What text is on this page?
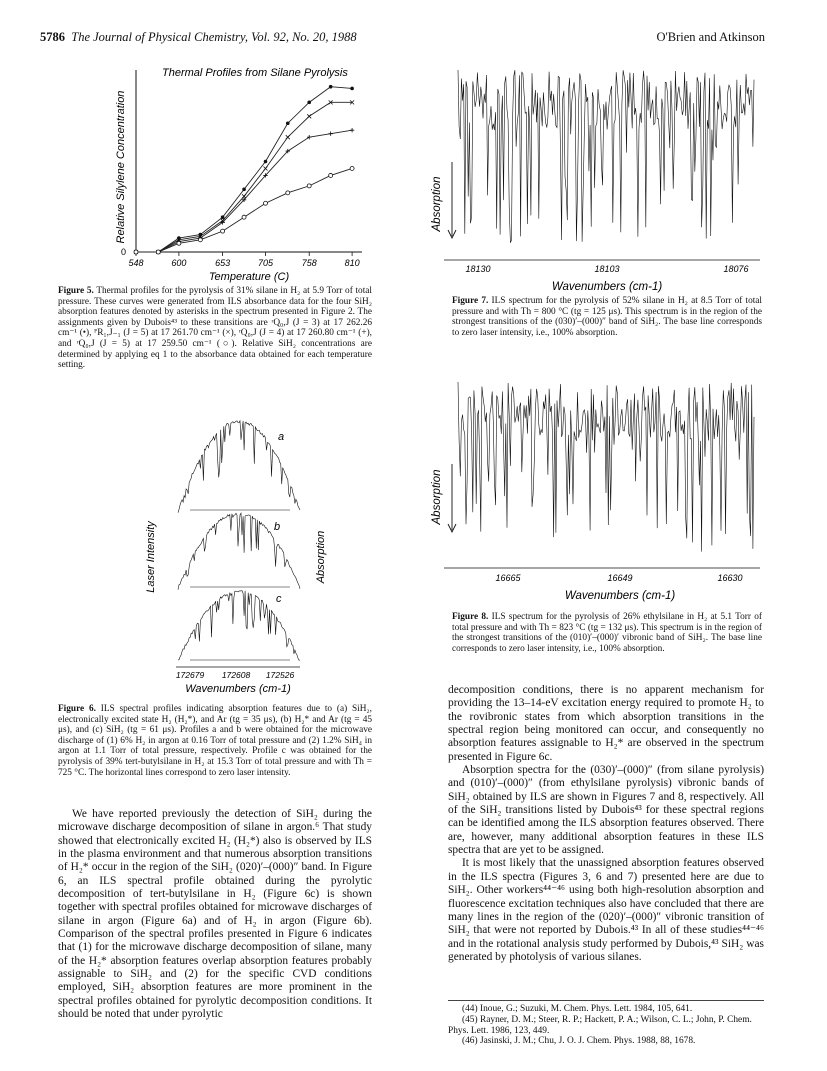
5786 The Journal of Physical Chemistry, Vol. 92, No. 20, 1988	O'Brien and Atkinson
Thermal Profiles from Silane Pyrolysis
Relative Silylene Concentration
0
548	600	653	705	758	810
Temperature (C)
Figure 5. Thermal profiles for the pyrolysis of 31% silane in H₂ at 5.9 Torr of total pressure. These curves were generated from ILS absorbance data for the four SiH₂ absorption features denoted by asterisks in the spectrum presented in Figure 2. The assignments given by Dubois⁴³ to these transitions are ʳQ₀,J (J = 3) at 17 262.26 cm⁻¹ (•), ᴾR₁,J₋₁ (J = 5) at 17 261.70 cm⁻¹ (×), ʳQ₀,J (J = 4) at 17 260.80 cm⁻¹ (+), and ʳQ₀,J (J = 5) at 17 259.50 cm⁻¹ (○). Relative SiH₂ concentrations are determined by applying eq 1 to the absorbance data obtained for each temperature setting.
Laser Intensity	Absorption
a
b
c
172679 172608 172526
Wavenumbers (cm-1)
Figure 6. ILS spectral profiles indicating absorption features due to (a) SiH₂, electronically excited state H₂ (H₂*), and Ar (tg = 35 μs), (b) H₂* and Ar (tg = 45 μs), and (c) SiH₂ (tg = 61 μs). Profiles a and b were obtained for the microwave discharge of (1) 6% H₂ in argon at 0.16 Torr of total pressure and (2) 1.2% SiH₄ in argon at 1.1 Torr of total pressure, respectively. Profile c was obtained for the pyrolysis of 39% tert-butylsilane in H₂ at 15.3 Torr of total pressure and with Th = 725 °C. The horizontal lines correspond to zero laser intensity.

We have reported previously the detection of SiH₂ during the microwave discharge decomposition of silane in argon.⁶ That study showed that electronically excited H₂ (H₂*) also is observed by ILS in the plasma environment and that numerous absorption transitions of H₂* occur in the region of the SiH₂ (020)′–(000)″ band. In Figure 6, an ILS spectral profile obtained during the pyrolytic decomposition of tert-butylsilane in H₂ (Figure 6c) is shown together with spectral profiles obtained for microwave discharges of silane in argon (Figure 6a) and of H₂ in argon (Figure 6b). Comparison of the spectral profiles presented in Figure 6 indicates that (1) for the microwave discharge decomposition of silane, many of the H₂* absorption features overlap absorption features probably assignable to SiH₂ and (2) for the specific CVD conditions employed, SiH₂ absorption features are more prominent in the spectral profiles obtained for pyrolytic decomposition conditions. It should be noted that under pyrolytic

Absorption
18130	18103	18076
Wavenumbers (cm-1)
Figure 7. ILS spectrum for the pyrolysis of 52% silane in H₂ at 8.5 Torr of total pressure and with Th = 800 °C (tg = 125 μs). This spectrum is in the region of the strongest transitions of the (030)′–(000)″ band of SiH₂. The base line corresponds to zero laser intensity, i.e., 100% absorption.
Absorption
16665	16649	16630
Wavenumbers (cm-1)
Figure 8. ILS spectrum for the pyrolysis of 26% ethylsilane in H₂ at 5.1 Torr of total pressure and with Th = 823 °C (tg = 132 μs). This spectrum is in the region of the strongest transitions of the (010)′–(000)′ vibronic band of SiH₂. The base line corresponds to zero laser intensity, i.e., 100% absorption.

decomposition conditions, there is no apparent mechanism for providing the 13–14-eV excitation energy required to promote H₂ to the rovibronic states from which absorption transitions in the spectral region being monitored can occur, and consequently no absorption features assignable to H₂* are observed in the spectrum presented in Figure 6c.

Absorption spectra for the (030)′–(000)″ (from silane pyrolysis) and (010)′–(000)″ (from ethylsilane pyrolysis) vibronic bands of SiH₂ obtained by ILS are shown in Figures 7 and 8, respectively. All of the SiH₂ transitions listed by Dubois⁴³ for these spectral regions can be identified among the ILS absorption features observed. There are, however, many additional absorption features in these ILS spectra that are yet to be assigned.

It is most likely that the unassigned absorption features observed in the ILS spectra (Figures 3, 6 and 7) presented here are due to SiH₂. Other workers⁴⁴⁻⁴⁶ using both high-resolution absorption and fluorescence excitation techniques also have concluded that there are many lines in the region of the (020)′–(000)″ vibronic transition of SiH₂ that were not reported by Dubois.⁴³ In all of these studies⁴⁴⁻⁴⁶ and in the rotational analysis study performed by Dubois,⁴³ SiH₂ was generated by photolysis of various silanes.

(44) Inoue, G.; Suzuki, M. Chem. Phys. Lett. 1984, 105, 641.
(45) Rayner, D. M.; Steer, R. P.; Hackett, P. A.; Wilson, C. L.; John, P. Chem. Phys. Lett. 1986, 123, 449.
(46) Jasinski, J. M.; Chu, J. O. J. Chem. Phys. 1988, 88, 1678.
